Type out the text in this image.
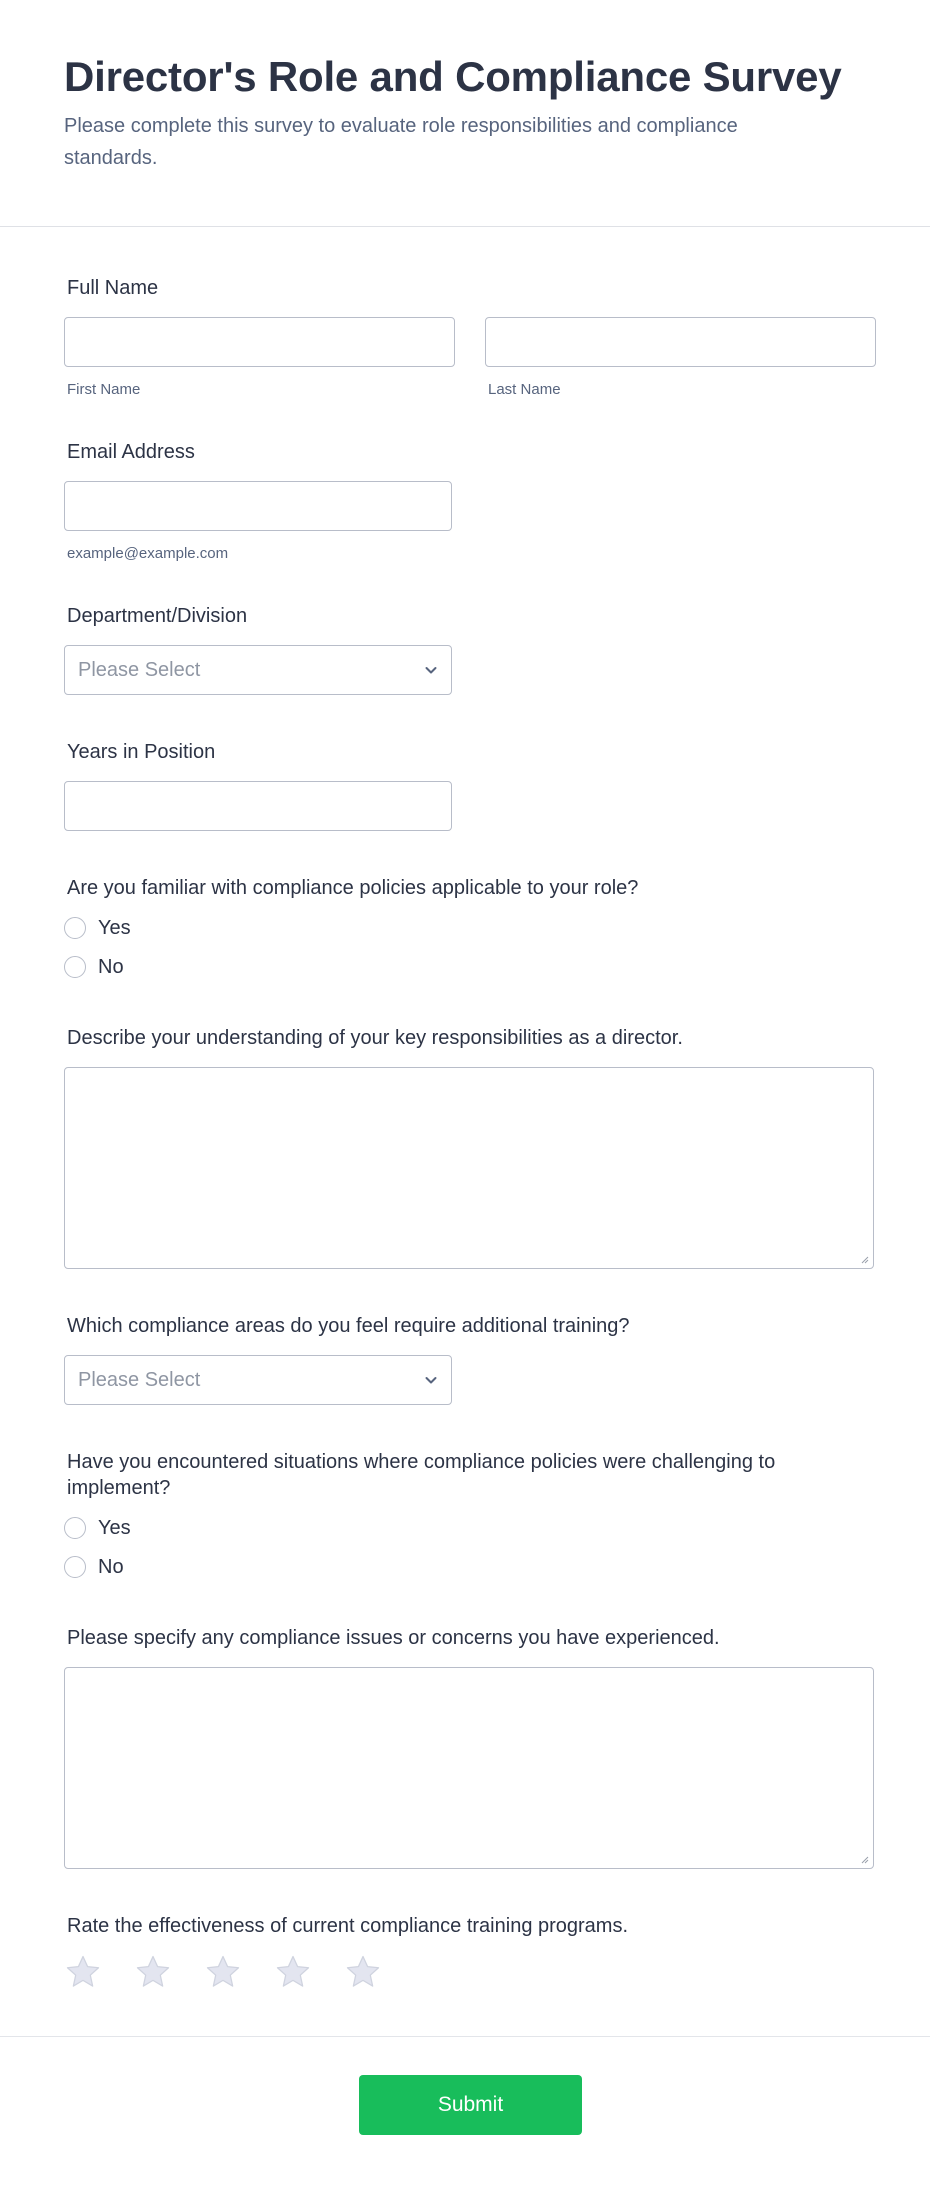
Director's Role and Compliance Survey

Please complete this survey to evaluate role responsibilities and compliance standards.

Full Name
First Name	Last Name
Email Address
example@example.com
Department/Division
Please Select
Years in Position
Are you familiar with compliance policies applicable to your role?
Yes
No
Describe your understanding of your key responsibilities as a director.
Which compliance areas do you feel require additional training?
Please Select
Have you encountered situations where compliance policies were challenging to implement?
Yes
No
Please specify any compliance issues or concerns you have experienced.
Rate the effectiveness of current compliance training programs.
Submit
